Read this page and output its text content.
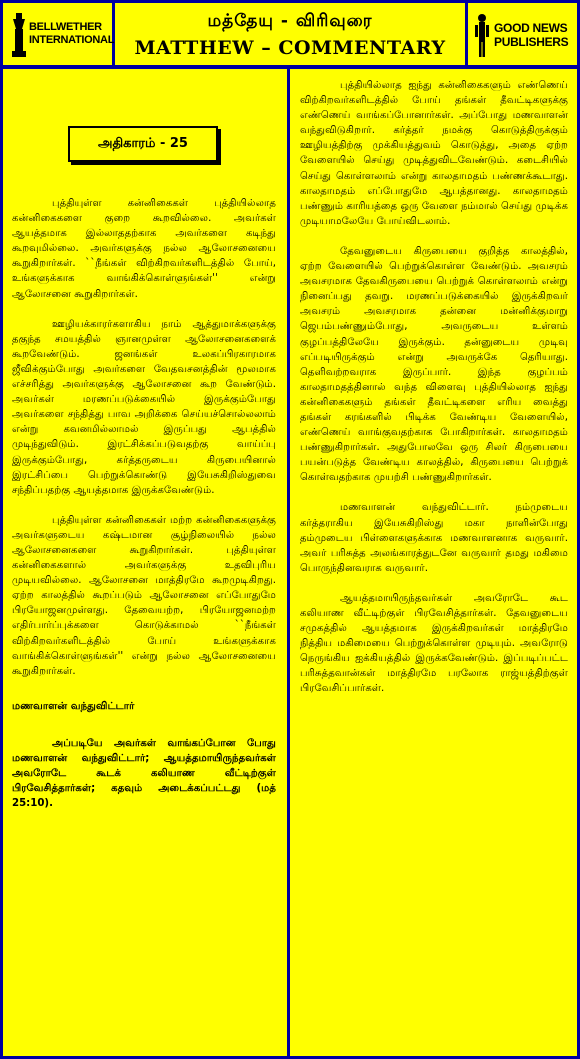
BELLWETHER INTERNATIONAL
மத்தேயு - விரிவுரை
MATTHEW – COMMENTARY
GOOD NEWS PUBLISHERS
அதிகாரம் - 25

புத்தியுள்ள கன்னிகைகள் புத்தியில்லாத கன்னிகைகளை குறை கூறவில்லை. அவர்கள் ஆயத்தமாக இல்லாததற்காக அவர்களை கடிந்து கூறவுமில்லை. அவர்களுக்கு நல்ல ஆலோசனையை கூறுகிறார்கள். ``நீங்கள் விற்கிறவர்களிடத்தில் போய், உங்களுக்காக வாங்கிக்கொள்ளுங்கள்'' என்று ஆலோசனை கூறுகிறார்கள்.

ஊழியக்காரர்களாகிய நாம் ஆத்துமாக்களுக்கு தகுந்த சமயத்தில் ஞானமுள்ள ஆலோசனைகளைக் கூறவேண்டும். ஜனங்கள் உலகப்பிரகாரமாக ஜீவிக்கும்போது அவர்களை வேதவசனத்தின் மூலமாக எச்சரித்து அவர்களுக்கு ஆலோசனை கூற வேண்டும். அவர்கள் மரணப்படுக்கையில் இருக்கும்போது அவர்களை சந்தித்து பாவ அறிக்கை செய்யச்சொல்லலாம் என்று கவனமில்லாமல் இருப்பது ஆபத்தில் முடிந்துவிடும். இரட்சிக்கப்படுவதற்கு வாய்ப்பு இருக்கும்போது, கர்த்தருடைய கிருபையினால் இரட்சிப்பை பெற்றுக்கொண்டு இயேசுகிறிஸ்துவை சந்திப்பதற்கு ஆயத்தமாக இருக்கவேண்டும்.

புத்தியுள்ள கன்னிகைகள் மற்ற கன்னிகைகளுக்கு அவர்களுடைய கஷ்டமான சூழ்நிலையில் நல்ல ஆலோசனைகளை கூறுகிறார்கள். புத்தியுள்ள கன்னிகைகளால் அவர்களுக்கு உதவிபுரிய முடியவில்லை. ஆலோசனை மாத்திரமே கூறமுடிகிறது. ஏற்ற காலத்தில் கூறப்படும் ஆலோசனை எப்போதுமே பிரயோஜனமுள்ளது. தேவையற்ற, பிரயோஜனமற்ற எதிர்பார்ப்புக்களை கொடுக்காமல் ``நீங்கள் விற்கிறவர்களிடத்தில் போய் உங்களுக்காக வாங்கிக்கொள்ளுங்கள்'' என்று நல்ல ஆலோசனையை கூறுகிறார்கள்.

மணவாளன் வந்துவிட்டார்

அப்படியே அவர்கள் வாங்கப்போன போது மணவாளன் வந்துவிட்டார்; ஆயத்தமாயிருந்தவர்கள் அவரோடே கூடக் கலியாண வீட்டிற்குள் பிரவேசித்தார்கள்; கதவும் அடைக்கப்பட்டது (மத் 25:10).

புத்தியில்லாத ஐந்து கன்னிகைகளும் எண்ணெய் விற்கிறவர்களிடத்தில் போய் தங்கள் தீவட்டிகளுக்கு எண்ணெய் வாங்கப்போனார்கள். அப்போது மணவாளன் வந்துவிடுகிறார். கர்த்தர் நமக்கு கொடுத்திருக்கும் ஊழியத்திற்கு முக்கியத்துவம் கொடுத்து, அதை ஏற்ற வேளையில் செய்து முடித்துவிடவேண்டும். கடைசியில் செய்து கொள்ளலாம் என்று காலதாமதம் பண்ணக்கூடாது. காலதாமதம் எப்போதுமே ஆபத்தானது. காலதாமதம் பண்ணும் காரியத்தை ஒரு வேளை நம்மால் செய்து முடிக்க முடியாமலேயே போய்விடலாம்.

தேவனுடைய கிருபையை குறித்த காலத்தில், ஏற்ற வேளையில் பெற்றுக்கொள்ள வேண்டும். அவசரம் அவசரமாக தேவகிருபையை பெற்றுக் கொள்ளலாம் என்று நினைப்பது தவறு. மரணப்படுக்கையில் இருக்கிறவர் அவசரம் அவசரமாக தன்னை மன்னிக்குமாறு ஜெபம்பண்ணும்போது, அவருடைய உள்ளம் குழப்பத்திலேயே இருக்கும். தன்னுடைய முடிவு எப்படியிருக்கும் என்று அவருக்கே தெரியாது. தெளிவற்றவராக இருப்பார். இந்த குழப்பம் காலதாமதத்தினால் வந்த விளைவு புத்தியில்லாத ஐந்து கன்னிகைகளும் தங்கள் தீவட்டிகளை எரிய வைத்து தங்கள் கரங்களில் பிடிக்க வேண்டிய வேளையில், எண்ணெய் வாங்குவதற்காக போகிறார்கள். காலதாமதம் பண்ணுகிறார்கள். அதுபோலவே ஒரு சிலர் கிருபையை பயன்படுத்த வேண்டிய காலத்தில், கிருபையை பெற்றுக் கொள்வதற்காக முயற்சி பண்ணுகிறார்கள்.

மணவாளன் வந்துவிட்டார். நம்முடைய கர்த்தராகிய இயேசுகிறிஸ்து மகா நாளின்போது தம்முடைய பிள்ளைகளுக்காக மணவாளனாக வருவார். அவர் பரிசுத்த அலங்காரத்துடனே வருவார் தமது மகிமை பொருந்தினவராக வருவார்.

ஆயத்தமாயிருந்தவர்கள் அவரோடே கூட கலியாண வீட்டிற்குள் பிரவேசித்தார்கள். தேவனுடைய சமுகத்தில் ஆயத்தமாக இருக்கிறவர்கள் மாத்திரமே நித்திய மகிமையை பெற்றுக்கொள்ள முடியும். அவரோடு நெருங்கிய ஐக்கியத்தில் இருக்கவேண்டும். இப்படிப்பட்ட பரிசுத்தவான்கள் மாத்திரமே பரலோக ராஜ்யத்திற்குள் பிரவேசிப்பார்கள்.
